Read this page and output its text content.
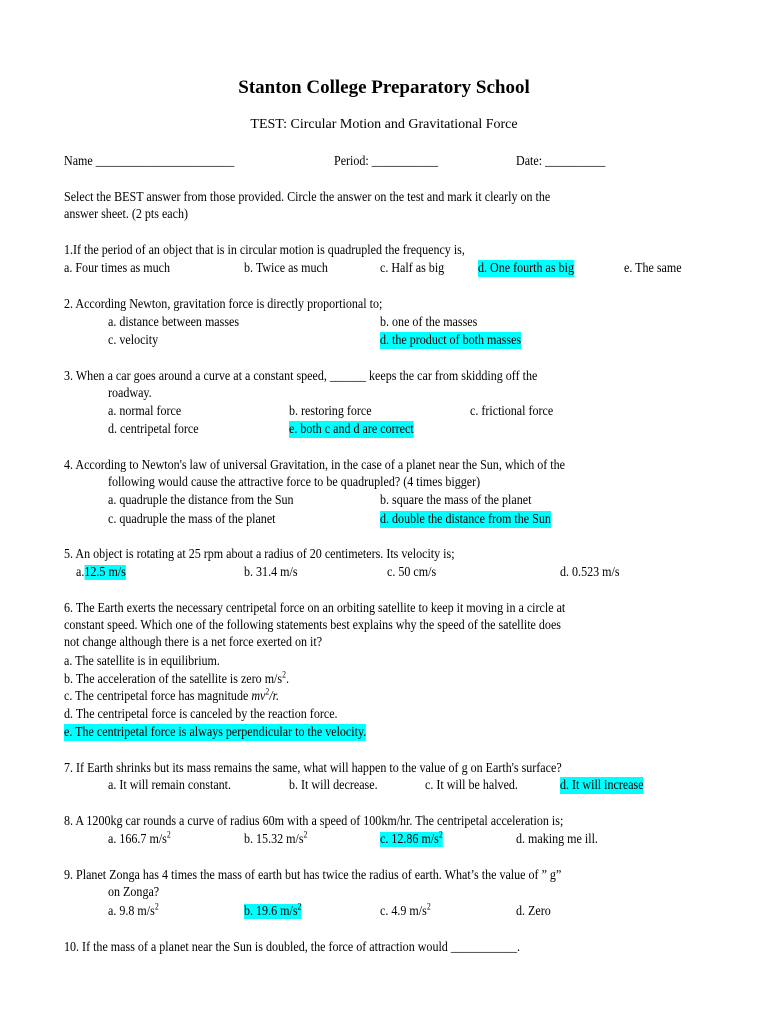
Stanton College Preparatory School
TEST: Circular Motion and Gravitational Force
Name _______________________	Period: ___________	Date: __________
Select the BEST answer from those provided. Circle the answer on the test and mark it clearly on the
answer sheet. (2 pts each)
1.If the period of an object that is in circular motion is quadrupled the frequency is,
a. Four times as much	b. Twice as much	c. Half as big d. One fourth as big	e. The same
2. According Newton, gravitation force is directly proportional to;
a. distance between masses	b. one of the masses
c. velocity	d. the product of both masses
3. When a car goes around a curve at a constant speed, ______ keeps the car from skidding off the
roadway.
a. normal force	b. restoring force	c. frictional force
d. centripetal force	e. both c and d are correct
4. According to Newton's law of universal Gravitation, in the case of a planet near the Sun, which of the
following would cause the attractive force to be quadrupled? (4 times bigger)
a. quadruple the distance from the Sun	b. square the mass of the planet
c. quadruple the mass of the planet	d. double the distance from the Sun
5. An object is rotating at 25 rpm about a radius of 20 centimeters. Its velocity is;
a.12.5 m/s	b. 31.4 m/s	c. 50 cm/s	d. 0.523 m/s
6. The Earth exerts the necessary centripetal force on an orbiting satellite to keep it moving in a circle at
constant speed. Which one of the following statements best explains why the speed of the satellite does
not change although there is a net force exerted on it?
a. The satellite is in equilibrium.
b. The acceleration of the satellite is zero $m/s^2$.
c. The centripetal force has magnitude $mv^2/r$.
d. The centripetal force is canceled by the reaction force.
e. The centripetal force is always perpendicular to the velocity.
7. If Earth shrinks but its mass remains the same, what will happen to the value of g on Earth's surface?
a. It will remain constant.	b. It will decrease.	c. It will be halved.	d. It will increase
8. A 1200kg car rounds a curve of radius 60m with a speed of 100km/hr. The centripetal acceleration is;
a. 166.7 $m/s^2$	b. 15.32 $m/s^2$	c. 12.86 $m/s^2$	d. making me ill.
9. Planet Zonga has 4 times the mass of earth but has twice the radius of earth. What’s the value of ” g”
on Zonga?
a. 9.8 $m/s^2$	b. 19.6 $m/s^2$	c. 4.9 $m/s^2$	d. Zero
10. If the mass of a planet near the Sun is doubled, the force of attraction would ___________.
